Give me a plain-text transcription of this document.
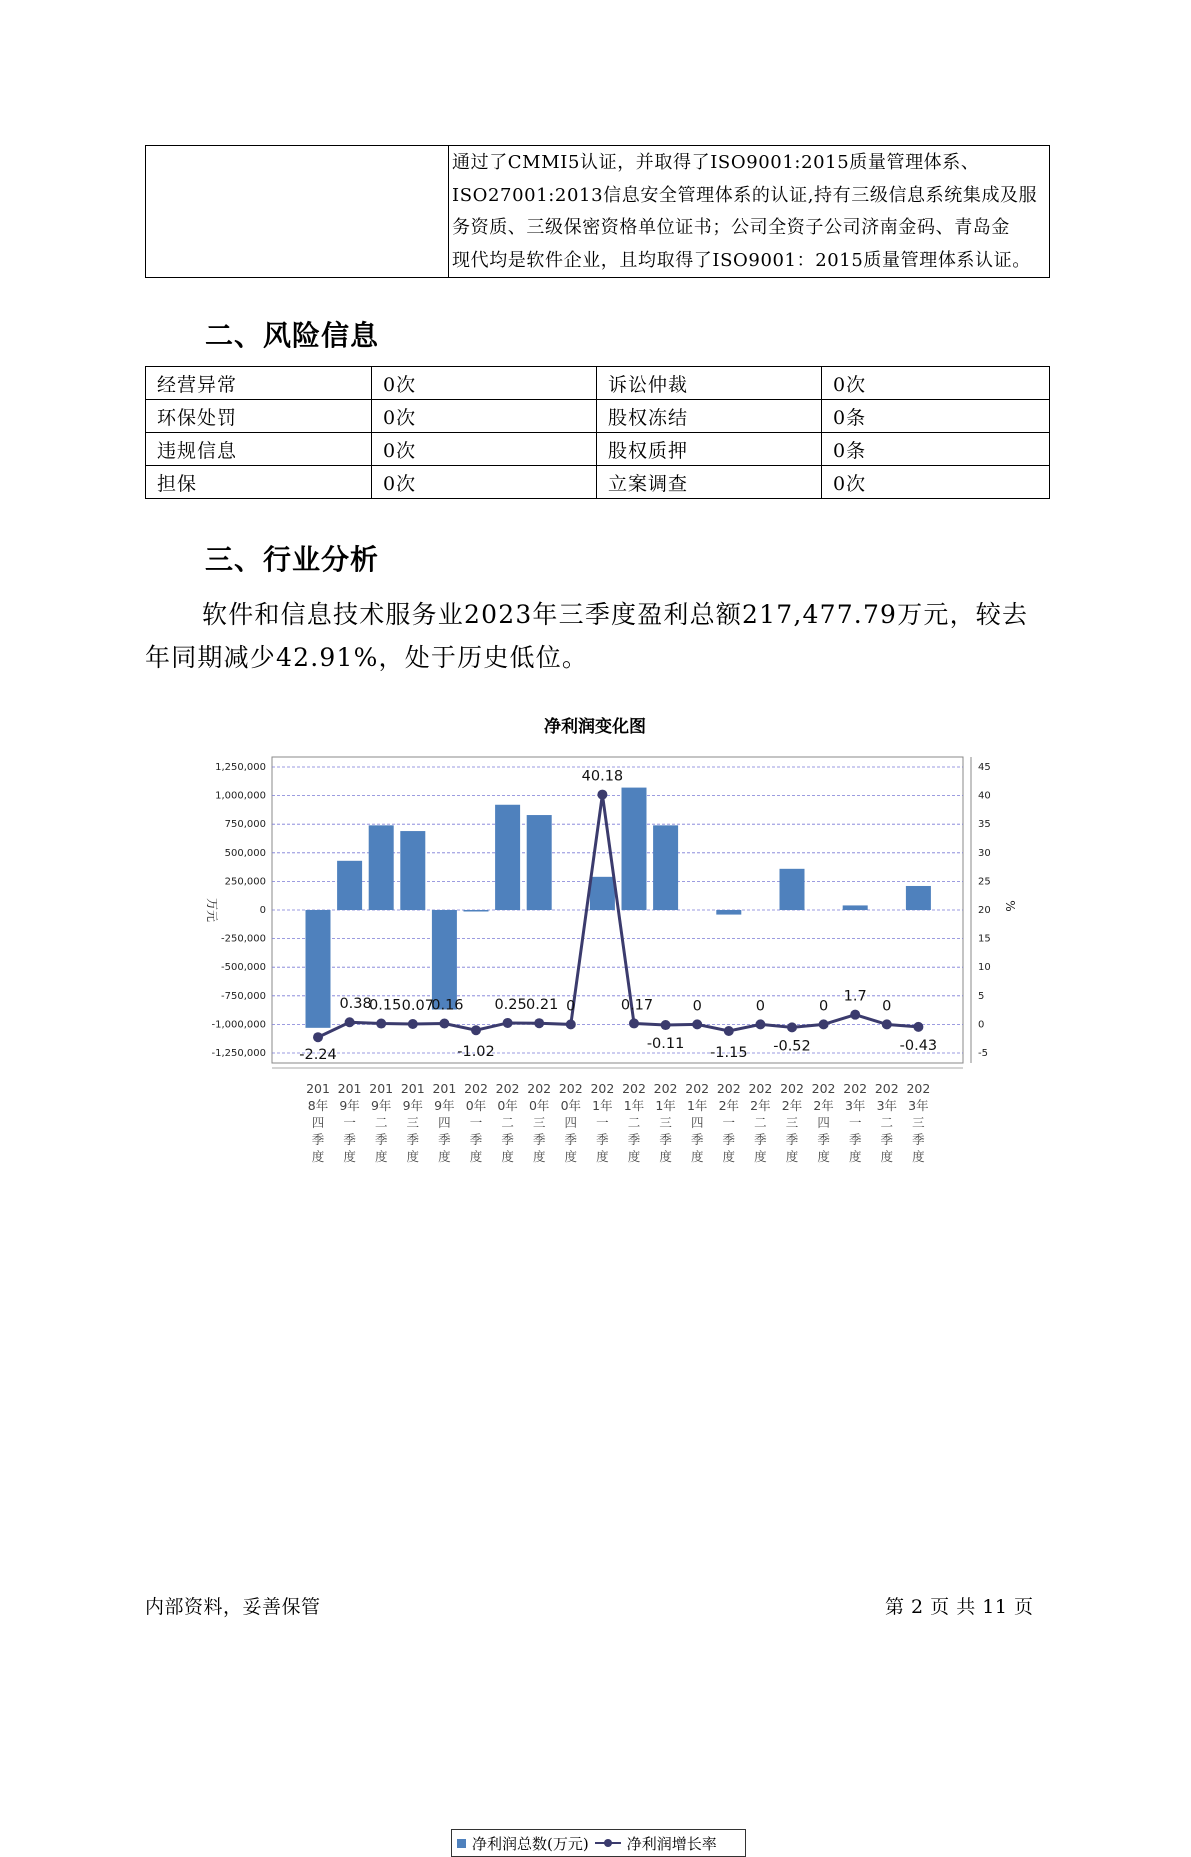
通过了CMMI5认证，并取得了ISO9001:2015质量管理体系、
ISO27001:2013信息安全管理体系的认证,持有三级信息系统集成及服
务资质、三级保密资格单位证书；公司全资子公司济南金码、青岛金
现代均是软件企业，且均取得了ISO9001：2015质量管理体系认证。
二、风险信息
经营异常	0次	诉讼仲裁	0次
环保处罚	0次	股权冻结	0条
违规信息	0次	股权质押	0条
担保	0次	立案调查	0次
三、行业分析
软件和信息技术服务业2023年三季度盈利总额217,477.79万元，较去
年同期减少42.91%，处于历史低位。
净利润变化图
1,250,000
1,000,000
750,000
500,000
250,000
0
-250,000
-500,000
-750,000
-1,000,000
-1,250,000
45
40
35
30
25
20
15
10
5
0
-5
万元	%
201
8年
四
季
度
201
9年
一
季
度
201
9年
二
季
度
201
9年
三
季
度
201
9年
四
季
度
202
0年
一
季
度
202
0年
二
季
度
202
0年
三
季
度
202
0年
四
季
度
202
1年
一
季
度
202
1年
二
季
度
202
1年
三
季
度
202
1年
四
季
度
202
2年
一
季
度
202
2年
二
季
度
202
2年
三
季
度
202
2年
四
季
度
202
3年
一
季
度
202
3年
二
季
度
202
3年
三
季
度
-2.24
0.38
0.15 0.07
0.16
-1.02
0.25 0.21 0
40.18
0.17
-0.11
0
-1.15
0
-0.52
0
1.7
0
-0.43
净利润总数(万元)	净利润增长率
内部资料，妥善保管	第 2 页 共 11 页
